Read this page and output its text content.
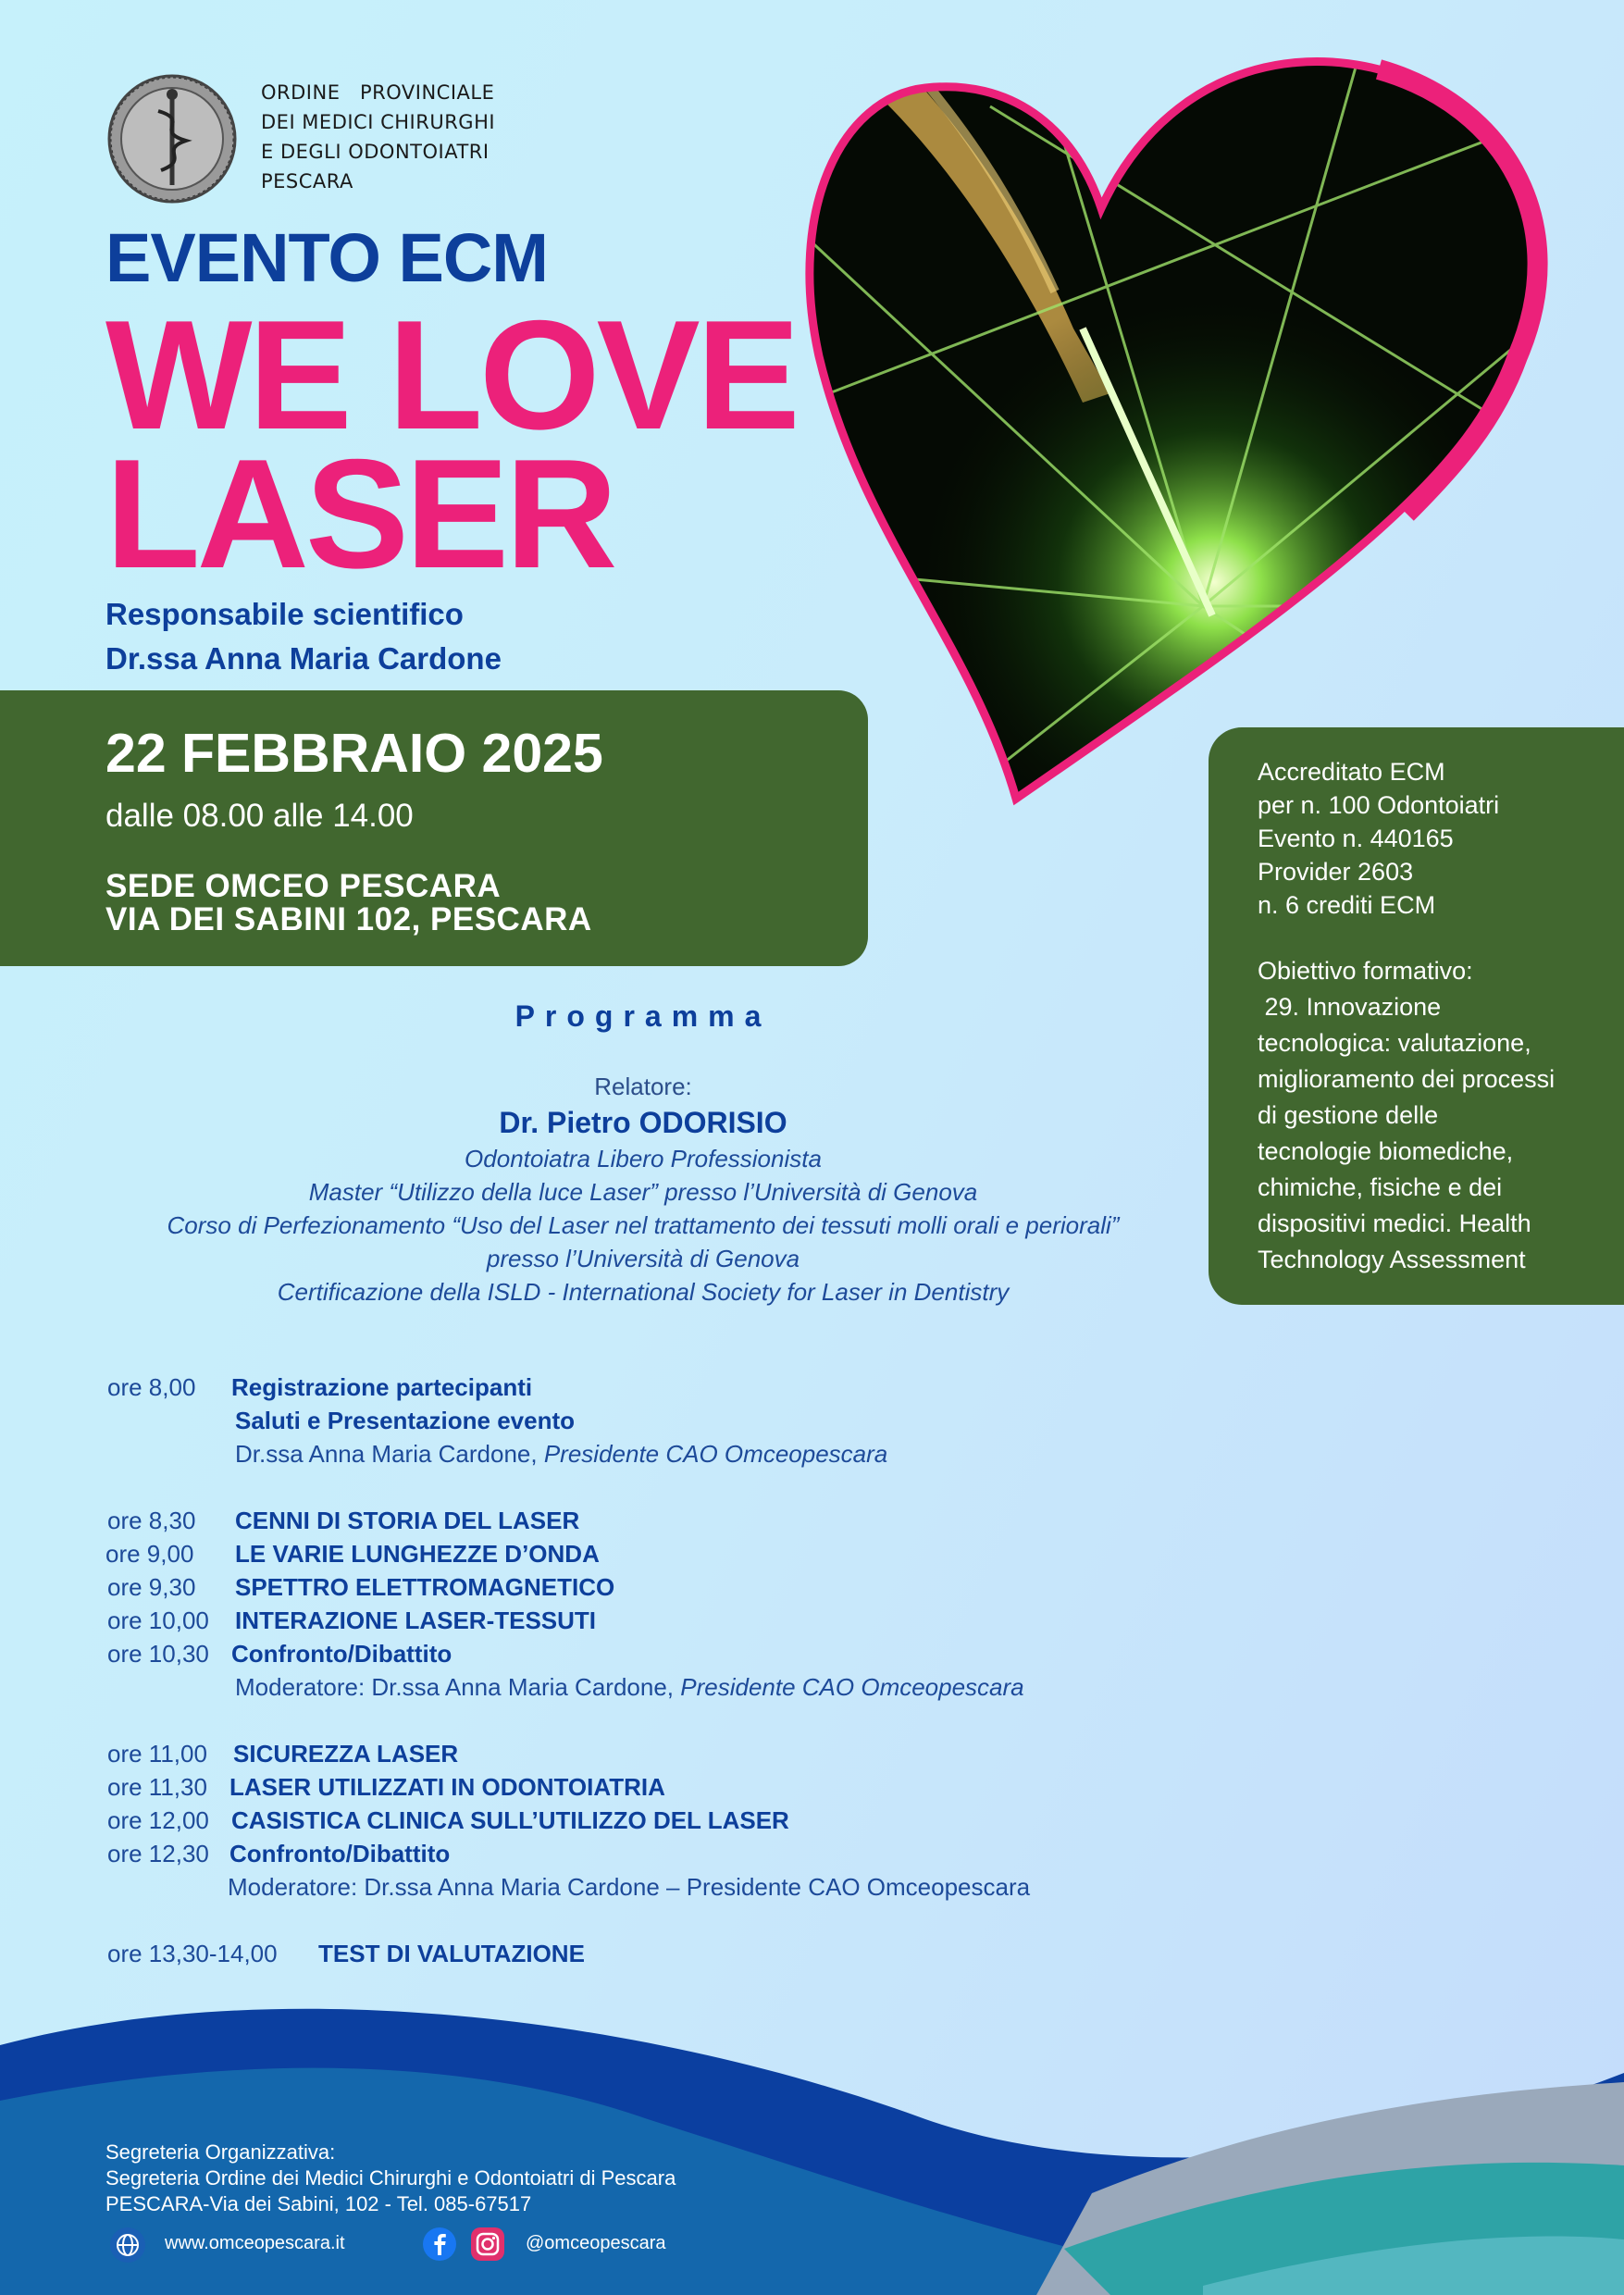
ORDINE   PROVINCIALE
DEI MEDICI CHIRURGHI
E DEGLI ODONTOIATRI
PESCARA
EVENTO ECM
WE LOVE
LASER
Responsabile scientifico
Dr.ssa Anna Maria Cardone
22 FEBBRAIO 2025
dalle 08.00 alle 14.00
SEDE OMCEO PESCARA
VIA DEI SABINI 102, PESCARA
Accreditato ECM
per n. 100 Odontoiatri
Evento n. 440165
Provider 2603
n. 6 crediti ECM
Obiettivo formativo:
29. Innovazione
tecnologica: valutazione,
miglioramento dei processi
di gestione delle
tecnologie biomediche,
chimiche, fisiche e dei
dispositivi medici. Health
Technology Assessment
Programma
Relatore:
Dr. Pietro ODORISIO
Odontoiatra Libero Professionista
Master “Utilizzo della luce Laser” presso l’Università di Genova
Corso di Perfezionamento “Uso del Laser nel trattamento dei tessuti molli orali e periorali”
presso l’Università di Genova
Certificazione della ISLD - International Society for Laser in Dentistry
ore 8,00 Registrazione partecipanti
Saluti e Presentazione evento
Dr.ssa Anna Maria Cardone, Presidente CAO Omceopescara
ore 8,30 CENNI DI STORIA DEL LASER
ore 9,00 LE VARIE LUNGHEZZE D’ONDA
ore 9,30 SPETTRO ELETTROMAGNETICO
ore 10,00 INTERAZIONE LASER-TESSUTI
ore 10,30 Confronto/Dibattito
Moderatore: Dr.ssa Anna Maria Cardone, Presidente CAO Omceopescara
ore 11,00 SICUREZZA LASER
ore 11,30 LASER UTILIZZATI IN ODONTOIATRIA
ore 12,00 CASISTICA CLINICA SULL’UTILIZZO DEL LASER
ore 12,30 Confronto/Dibattito
Moderatore: Dr.ssa Anna Maria Cardone – Presidente CAO Omceopescara
ore 13,30-14,00 TEST DI VALUTAZIONE
Segreteria Organizzativa:
Segreteria Ordine dei Medici Chirurghi e Odontoiatri di Pescara
PESCARA-Via dei Sabini, 102 - Tel. 085-67517
www.omceopescara.it	@omceopescara
